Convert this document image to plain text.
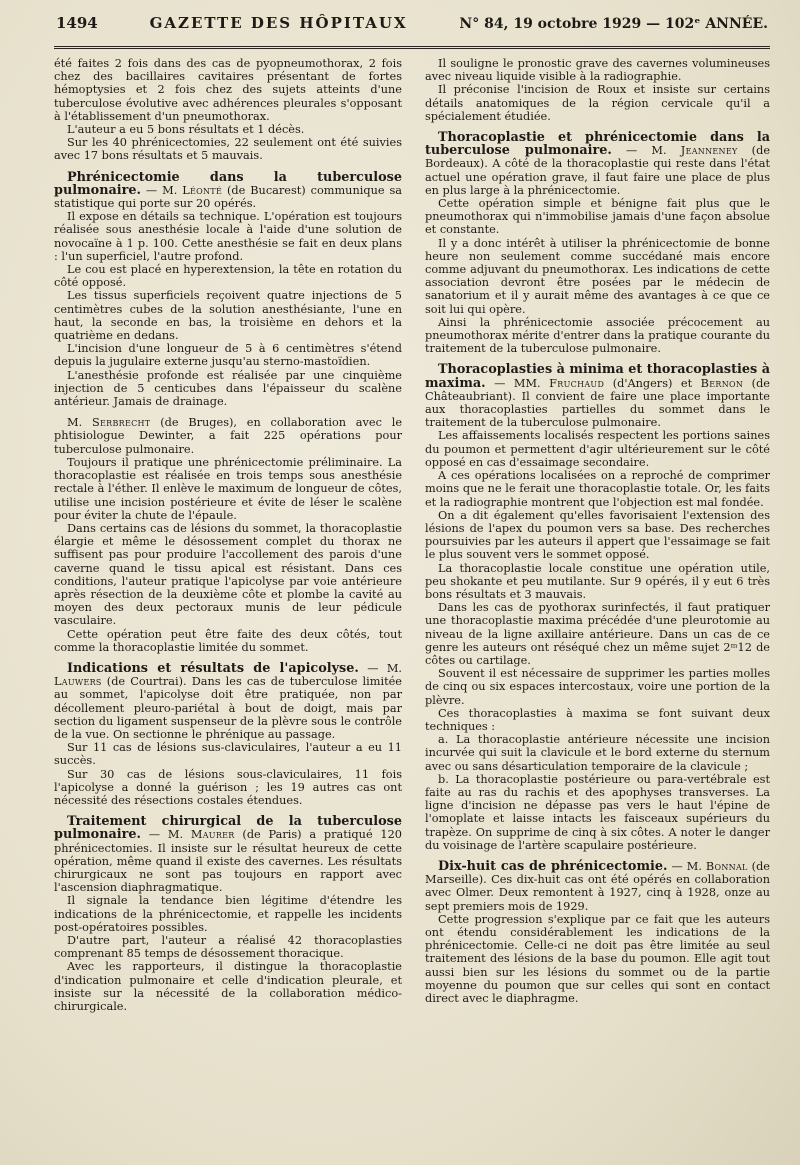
1494	GAZETTE DES HÔPITAUX	N° 84, 19 octobre 1929 — 102ᵉ ANNÉE.

été faites 2 fois dans des cas de pyopneumothorax, 2 fois chez des bacillaires cavitaires présentant de fortes hémoptysies et 2 fois chez des sujets atteints d'une tuberculose évolutive avec adhérences pleurales s'opposant à l'établissement d'un pneumothorax.

L'auteur a eu 5 bons résultats et 1 décès.

Sur les 40 phrénicectomies, 22 seulement ont été suivies avec 17 bons résultats et 5 mauvais.

Phrénicectomie dans la tuberculose pulmonaire. — M. Léonté (de Bucarest) communique sa statistique qui porte sur 20 opérés.

Il expose en détails sa technique. L'opération est toujours réalisée sous anesthésie locale à l'aide d'une solution de novocaïne à 1 p. 100. Cette anesthésie se fait en deux plans : l'un superficiel, l'autre profond.

Le cou est placé en hyperextension, la tête en rotation du côté opposé.

Les tissus superficiels reçoivent quatre injections de 5 centimètres cubes de la solution anesthésiante, l'une en haut, la seconde en bas, la troisième en dehors et la quatrième en dedans.

L'incision d'une longueur de 5 à 6 centimètres s'étend depuis la jugulaire externe jusqu'au sterno-mastoïdien.

L'anesthésie profonde est réalisée par une cinquième injection de 5 centicubes dans l'épaisseur du scalène antérieur. Jamais de drainage.

M. Serbrecht (de Bruges), en collaboration avec le phtisiologue Dewinter, a fait 225 opérations pour tuberculose pulmonaire.

Toujours il pratique une phrénicectomie préliminaire. La thoracoplastie est réalisée en trois temps sous anesthésie rectale à l'éther. Il enlève le maximum de longueur de côtes, utilise une incision postérieure et évite de léser le scalène pour éviter la chute de l'épaule.

Dans certains cas de lésions du sommet, la thoracoplastie élargie et même le désossement complet du thorax ne suffisent pas pour produire l'accollement des parois d'une caverne quand le tissu apical est résistant. Dans ces conditions, l'auteur pratique l'apicolyse par voie antérieure après résection de la deuxième côte et plombe la cavité au moyen des deux pectoraux munis de leur pédicule vasculaire.

Cette opération peut être faite des deux côtés, tout comme la thoracoplastie limitée du sommet.

Indications et résultats de l'apicolyse. — M. Lauwers (de Courtrai). Dans les cas de tuberculose limitée au sommet, l'apicolyse doit être pratiquée, non par décollement pleuro-pariétal à bout de doigt, mais par section du ligament suspenseur de la plèvre sous le contrôle de la vue. On sectionne le phrénique au passage.

Sur 11 cas de lésions sus-claviculaires, l'auteur a eu 11 succès.

Sur 30 cas de lésions sous-claviculaires, 11 fois l'apicolyse a donné la guérison ; les 19 autres cas ont nécessité des résections costales étendues.

Traitement chirurgical de la tuberculose pulmonaire. — M. Maurer (de Paris) a pratiqué 120 phrénicectomies. Il insiste sur le résultat heureux de cette opération, même quand il existe des cavernes. Les résultats chirurgicaux ne sont pas toujours en rapport avec l'ascension diaphragmatique.

Il signale la tendance bien légitime d'étendre les indications de la phrénicectomie, et rappelle les incidents post-opératoires possibles.

D'autre part, l'auteur a réalisé 42 thoracoplasties comprenant 85 temps de désossement thoracique.

Avec les rapporteurs, il distingue la thoracoplastie d'indication pulmonaire et celle d'indication pleurale, et insiste sur la nécessité de la collaboration médico-chirurgicale.

Il souligne le pronostic grave des cavernes volumineuses avec niveau liquide visible à la radiographie.

Il préconise l'incision de Roux et insiste sur certains détails anatomiques de la région cervicale qu'il a spécialement étudiée.

Thoracoplastie et phrénicectomie dans la tuberculose pulmonaire. — M. Jeanneney (de Bordeaux). A côté de la thoracoplastie qui reste dans l'état actuel une opération grave, il faut faire une place de plus en plus large à la phrénicectomie.

Cette opération simple et bénigne fait plus que le pneumothorax qui n'immobilise jamais d'une façon absolue et constante.

Il y a donc intérêt à utiliser la phrénicectomie de bonne heure non seulement comme succédané mais encore comme adjuvant du pneumothorax. Les indications de cette association devront être posées par le médecin de sanatorium et il y aurait même des avantages à ce que ce soit lui qui opère.

Ainsi la phrénicectomie associée précocement au pneumothorax mérite d'entrer dans la pratique courante du traitement de la tuberculose pulmonaire.

Thoracoplasties à minima et thoracoplasties à maxima. — MM. Fruchaud (d'Angers) et Bernon (de Châteaubriant). Il convient de faire une place importante aux thoracoplasties partielles du sommet dans le traitement de la tuberculose pulmonaire.

Les affaissements localisés respectent les portions saines du poumon et permettent d'agir ultérieurement sur le côté opposé en cas d'essaimage secondaire.

A ces opérations localisées on a reproché de comprimer moins que ne le ferait une thoracoplastie totale. Or, les faits et la radiographie montrent que l'objection est mal fondée.

On a dit également qu'elles favorisaient l'extension des lésions de l'apex du poumon vers sa base. Des recherches poursuivies par les auteurs il appert que l'essaimage se fait le plus souvent vers le sommet opposé.

La thoracoplastie locale constitue une opération utile, peu shokante et peu mutilante. Sur 9 opérés, il y eut 6 très bons résultats et 3 mauvais.

Dans les cas de pyothorax surinfectés, il faut pratiquer une thoracoplastie maxima précédée d'une pleurotomie au niveau de la ligne axillaire antérieure. Dans un cas de ce genre les auteurs ont réséqué chez un même sujet 2ᵐ12 de côtes ou cartilage.

Souvent il est nécessaire de supprimer les parties molles de cinq ou six espaces intercostaux, voire une portion de la plèvre.

Ces thoracoplasties à maxima se font suivant deux techniques :

a. La thoracoplastie antérieure nécessite une incision incurvée qui suit la clavicule et le bord externe du sternum avec ou sans désarticulation temporaire de la clavicule ;

b. La thoracoplastie postérieure ou para-vertébrale est faite au ras du rachis et des apophyses transverses. La ligne d'incision ne dépasse pas vers le haut l'épine de l'omoplate et laisse intacts les faisceaux supérieurs du trapèze. On supprime de cinq à six côtes. A noter le danger du voisinage de l'artère scapulaire postérieure.

Dix-huit cas de phrénicectomie. — M. Bonnal (de Marseille). Ces dix-huit cas ont été opérés en collaboration avec Olmer. Deux remontent à 1927, cinq à 1928, onze au sept premiers mois de 1929.

Cette progression s'explique par ce fait que les auteurs ont étendu considérablement les indications de la phrénicectomie. Celle-ci ne doit pas être limitée au seul traitement des lésions de la base du poumon. Elle agit tout aussi bien sur les lésions du sommet ou de la partie moyenne du poumon que sur celles qui sont en contact direct avec le diaphragme.
